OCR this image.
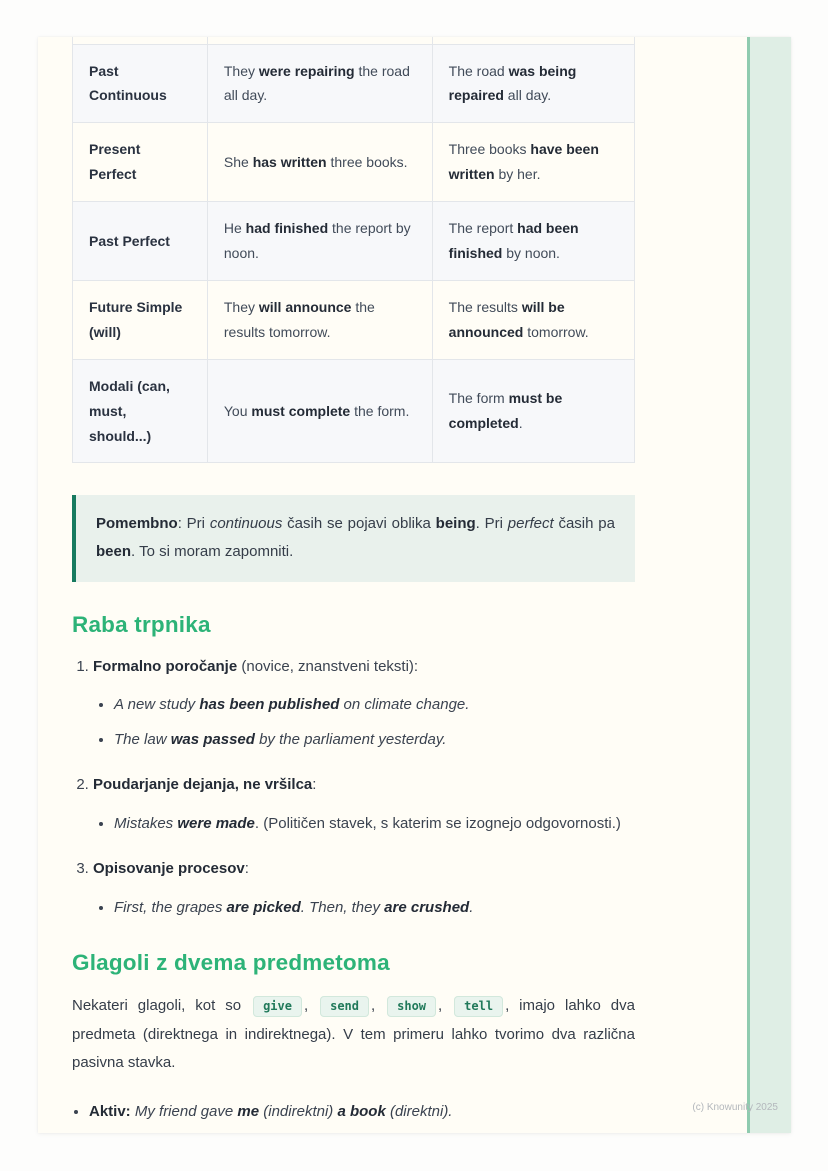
Past Continuous	They were repairing the road all day.	The road was being repaired all day.
Present Perfect	She has written three books.	Three books have been written by her.
Past Perfect	He had finished the report by noon.	The report had been finished by noon.
Future Simple (will)	They will announce the results tomorrow.	The results will be announced tomorrow.
Modali (can, must, should...)	You must complete the form.	The form must be completed.
Pomembno: Pri continuous časih se pojavi oblika being. Pri perfect časih pa been. To si moram zapomniti.
Raba trpnika
1. Formalno poročanje (novice, znanstveni teksti):
• A new study has been published on climate change.
• The law was passed by the parliament yesterday.
2. Poudarjanje dejanja, ne vršilca:
• Mistakes were made. (Političen stavek, s katerim se izognejo odgovornosti.)
3. Opisovanje procesov:
• First, the grapes are picked. Then, they are crushed.
Glagoli z dvema predmetoma

Nekateri glagoli, kot so give , send , show , tell , imajo lahko dva predmeta (direktnega in indirektnega). V tem primeru lahko tvorimo dva različna pasivna stavka.

• Aktiv: My friend gave me (indirektni) a book (direktni).	(c) Knowunity 2025
